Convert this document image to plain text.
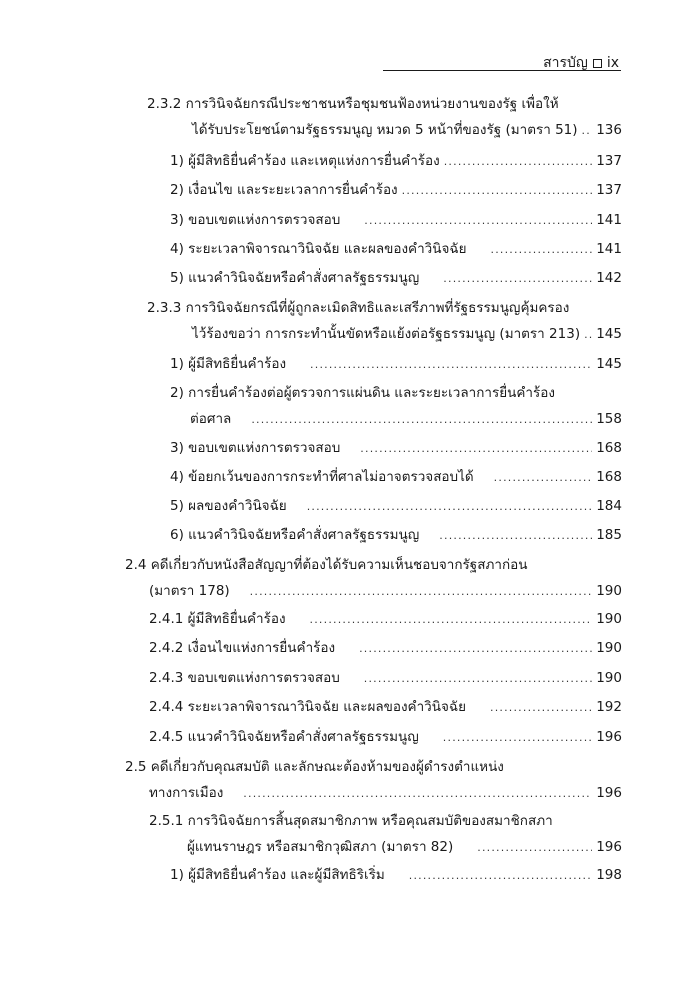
สารบัญ ix
2.3.2 การวินิจฉัยกรณีประชาชนหรือชุมชนฟ้องหน่วยงานของรัฐ เพื่อให้
ได้รับประโยชน์ตามรัฐธรรมนูญ หมวด 5 หน้าที่ของรัฐ (มาตรา 51) ..... 136
1) ผู้มีสิทธิยื่นคำร้อง และเหตุแห่งการยื่นคำร้อง .....	137
2) เงื่อนไข และระยะเวลาการยื่นคำร้อง .....	137
3) ขอบเขตแห่งการตรวจสอบ .....	141
4) ระยะเวลาพิจารณาวินิจฉัย และผลของคำวินิจฉัย .....	141
5) แนวคำวินิจฉัยหรือคำสั่งศาลรัฐธรรมนูญ .....	142
2.3.3 การวินิจฉัยกรณีที่ผู้ถูกละเมิดสิทธิและเสรีภาพที่รัฐธรรมนูญคุ้มครอง
ไว้ร้องขอว่า การกระทำนั้นขัดหรือแย้งต่อรัฐธรรมนูญ (มาตรา 213) ..... 145
1) ผู้มีสิทธิยื่นคำร้อง .....	145
2) การยื่นคำร้องต่อผู้ตรวจการแผ่นดิน และระยะเวลาการยื่นคำร้อง
ต่อศาล .....	158
3) ขอบเขตแห่งการตรวจสอบ .....	168
4) ข้อยกเว้นของการกระทำที่ศาลไม่อาจตรวจสอบได้ .....	168
5) ผลของคำวินิจฉัย .....	184
6) แนวคำวินิจฉัยหรือคำสั่งศาลรัฐธรรมนูญ .....	185
2.4 คดีเกี่ยวกับหนังสือสัญญาที่ต้องได้รับความเห็นชอบจากรัฐสภาก่อน
(มาตรา 178) .....	190
2.4.1 ผู้มีสิทธิยื่นคำร้อง .....	190
2.4.2 เงื่อนไขแห่งการยื่นคำร้อง .....	190
2.4.3 ขอบเขตแห่งการตรวจสอบ .....	190
2.4.4 ระยะเวลาพิจารณาวินิจฉัย และผลของคำวินิจฉัย .....	192
2.4.5 แนวคำวินิจฉัยหรือคำสั่งศาลรัฐธรรมนูญ .....	196
2.5 คดีเกี่ยวกับคุณสมบัติ และลักษณะต้องห้ามของผู้ดำรงตำแหน่ง
ทางการเมือง .....	196
2.5.1 การวินิจฉัยการสิ้นสุดสมาชิกภาพ หรือคุณสมบัติของสมาชิกสภา
ผู้แทนราษฎร หรือสมาชิกวุฒิสภา (มาตรา 82) .....	196
1) ผู้มีสิทธิยื่นคำร้อง และผู้มีสิทธิริเริ่ม .....	198
